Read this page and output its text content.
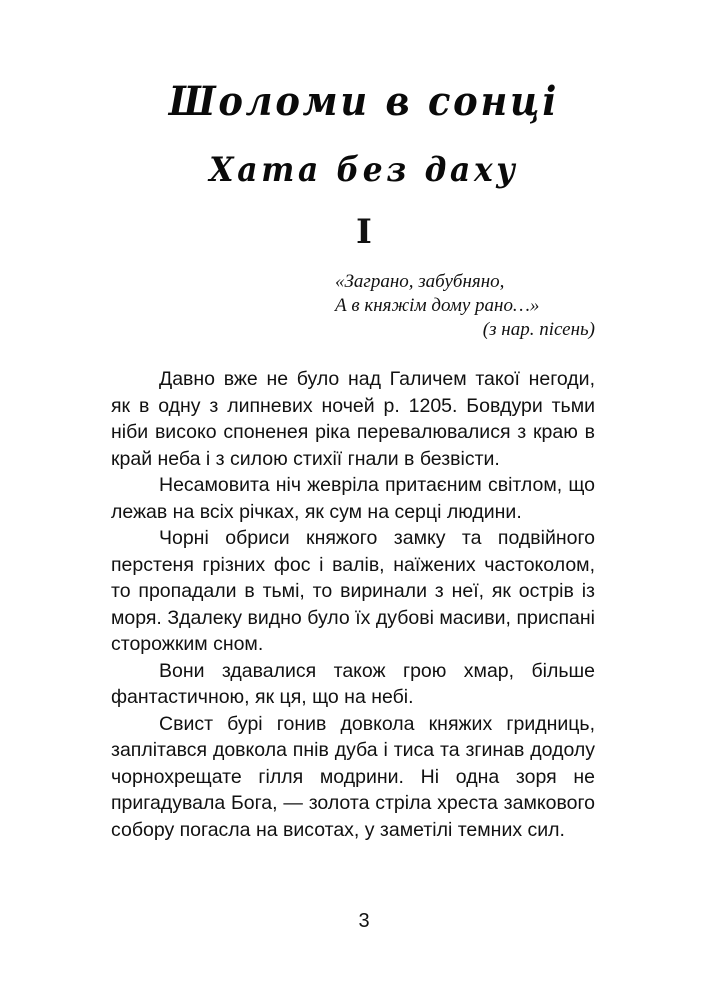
Шоломи в сонці
Хата без даху
I
«Заграно, забубняно,
А в княжім дому рано…»
(з нар. пісень)

Давно вже не було над Галичем такої негоди, як в одну з липневих ночей р. 1205. Бовдури тьми ніби високо споненея ріка перевалювалися з краю в край неба і з силою стихії гнали в безвісти.

Несамовита ніч жевріла притаєним світлом, що лежав на всіх річках, як сум на серці людини.

Чорні обриси княжого замку та подвійного перстеня грізних фос і валів, наїжених частоколом, то пропадали в тьмі, то виринали з неї, як острів із моря. Здалеку видно було їх дубові масиви, приспані сторожким сном.

Вони здавалися також грою хмар, більше фантастичною, як ця, що на небі.

Свист бурі гонив довкола княжих гридниць, заплітався довкола пнів дуба і тиса та згинав додолу чорнохрещате гілля модрини. Ні одна зоря не пригадувала Бога, — золота стріла хреста замкового собору погасла на висотах, у заметілі темних сил.

3
